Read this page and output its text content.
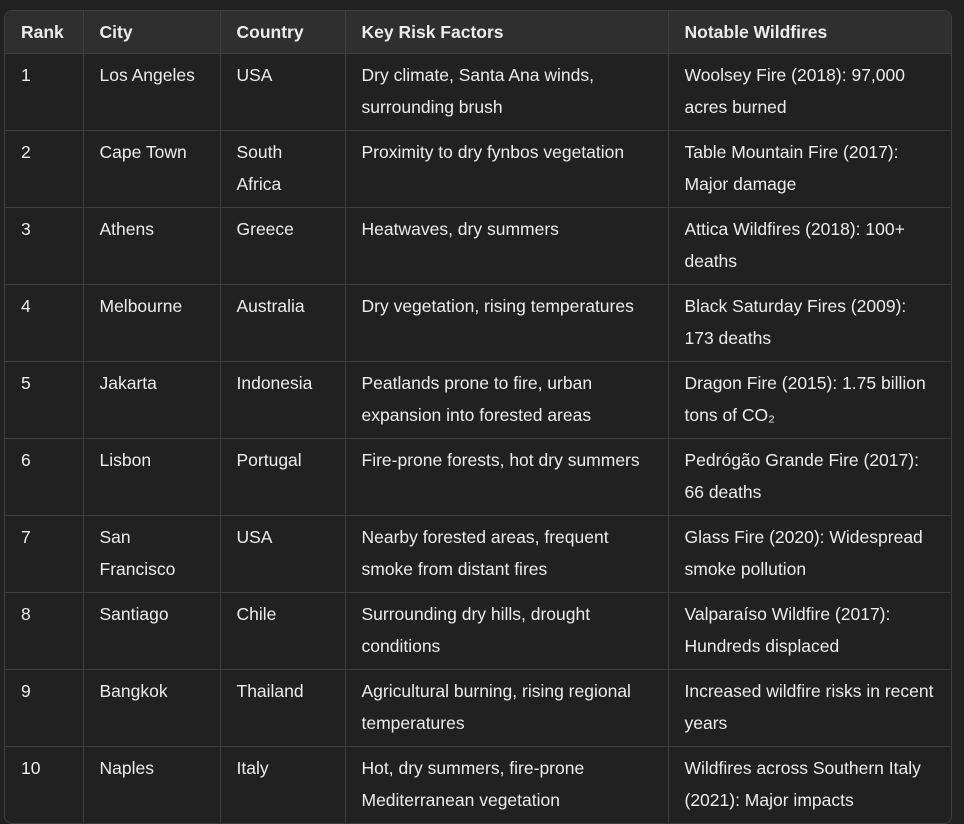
Rank	City	Country	Key Risk Factors	Notable Wildfires
1	Los Angeles	USA	Dry climate, Santa Ana winds, surrounding brush	Woolsey Fire (2018): 97,000 acres burned
2	Cape Town	South Africa	Proximity to dry fynbos vegetation	Table Mountain Fire (2017): Major damage
3	Athens	Greece	Heatwaves, dry summers	Attica Wildfires (2018): 100+ deaths
4	Melbourne	Australia	Dry vegetation, rising temperatures	Black Saturday Fires (2009): 173 deaths
5	Jakarta	Indonesia	Peatlands prone to fire, urban expansion into forested areas	Dragon Fire (2015): 1.75 billion tons of CO₂
6	Lisbon	Portugal	Fire-prone forests, hot dry summers	Pedrógão Grande Fire (2017): 66 deaths
7	San Francisco	USA	Nearby forested areas, frequent smoke from distant fires	Glass Fire (2020): Widespread smoke pollution
8	Santiago	Chile	Surrounding dry hills, drought conditions	Valparaíso Wildfire (2017): Hundreds displaced
9	Bangkok	Thailand	Agricultural burning, rising regional temperatures	Increased wildfire risks in recent years
10	Naples	Italy	Hot, dry summers, fire-prone Mediterranean vegetation	Wildfires across Southern Italy (2021): Major impacts
